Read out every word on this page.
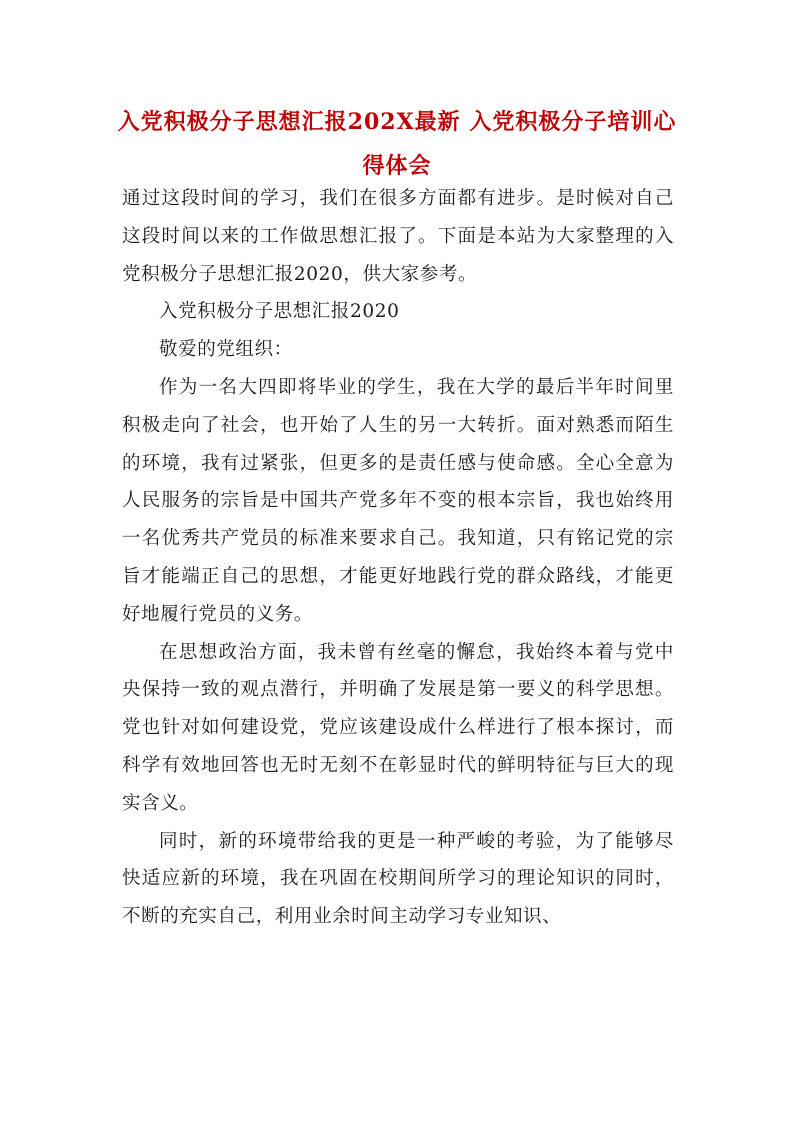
入党积极分子思想汇报202X最新 入党积极分子培训心得体会

通过这段时间的学习，我们在很多方面都有进步。是时候对自己这段时间以来的工作做思想汇报了。下面是本站为大家整理的入党积极分子思想汇报2020，供大家参考。

入党积极分子思想汇报2020

敬爱的党组织：

作为一名大四即将毕业的学生，我在大学的最后半年时间里积极走向了社会，也开始了人生的另一大转折。面对熟悉而陌生的环境，我有过紧张，但更多的是责任感与使命感。全心全意为人民服务的宗旨是中国共产党多年不变的根本宗旨，我也始终用一名优秀共产党员的标准来要求自己。我知道，只有铭记党的宗旨才能端正自己的思想，才能更好地践行党的群众路线，才能更好地履行党员的义务。

在思想政治方面，我未曾有丝毫的懈怠，我始终本着与党中央保持一致的观点潜行，并明确了发展是第一要义的科学思想。党也针对如何建设党，党应该建设成什么样进行了根本探讨，而科学有效地回答也无时无刻不在彰显时代的鲜明特征与巨大的现实含义。

同时，新的环境带给我的更是一种严峻的考验，为了能够尽快适应新的环境，我在巩固在校期间所学习的理论知识的同时，不断的充实自己，利用业余时间主动学习专业知识、
